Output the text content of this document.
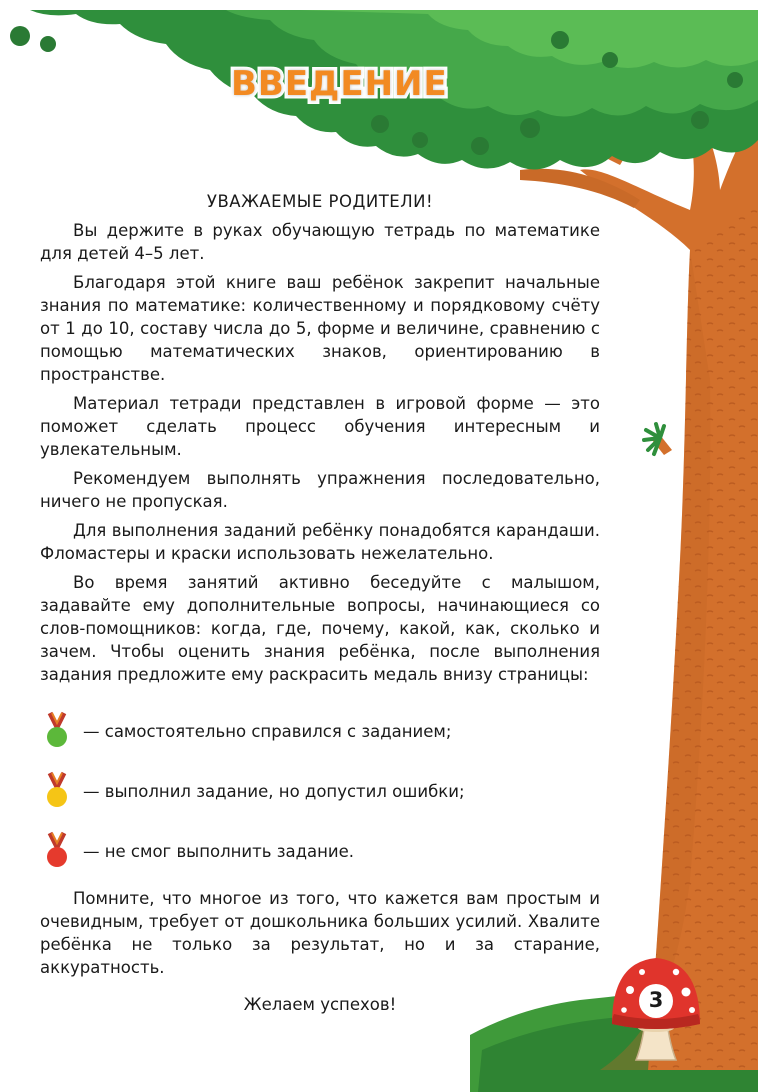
ВВЕДЕНИЕ

УВАЖАЕМЫЕ РОДИТЕЛИ!

Вы держите в руках обучающую тетрадь по математике для детей 4–5 лет.

Благодаря этой книге ваш ребёнок закрепит начальные знания по математике: количественному и порядковому счёту от 1 до 10, составу числа до 5, форме и величине, сравнению с помощью математических знаков, ориентированию в пространстве.

Материал тетради представлен в игровой форме — это поможет сделать процесс обучения интересным и увлекательным.

Рекомендуем выполнять упражнения последовательно, ничего не пропуская.

Для выполнения заданий ребёнку понадобятся карандаши. Фломастеры и краски использовать нежелательно.

Во время занятий активно беседуйте с малышом, задавайте ему дополнительные вопросы, начинающиеся со слов-помощников: когда, где, почему, какой, как, сколько и зачем. Чтобы оценить знания ребёнка, после выполнения задания предложите ему раскрасить медаль внизу страницы:

— самостоятельно справился с заданием;
— выполнил задание, но допустил ошибки;
— не смог выполнить задание.

Помните, что многое из того, что кажется вам простым и очевидным, требует от дошкольника больших усилий. Хвалите ребёнка не только за результат, но и за старание, аккуратность.

Желаем успехов!	3
